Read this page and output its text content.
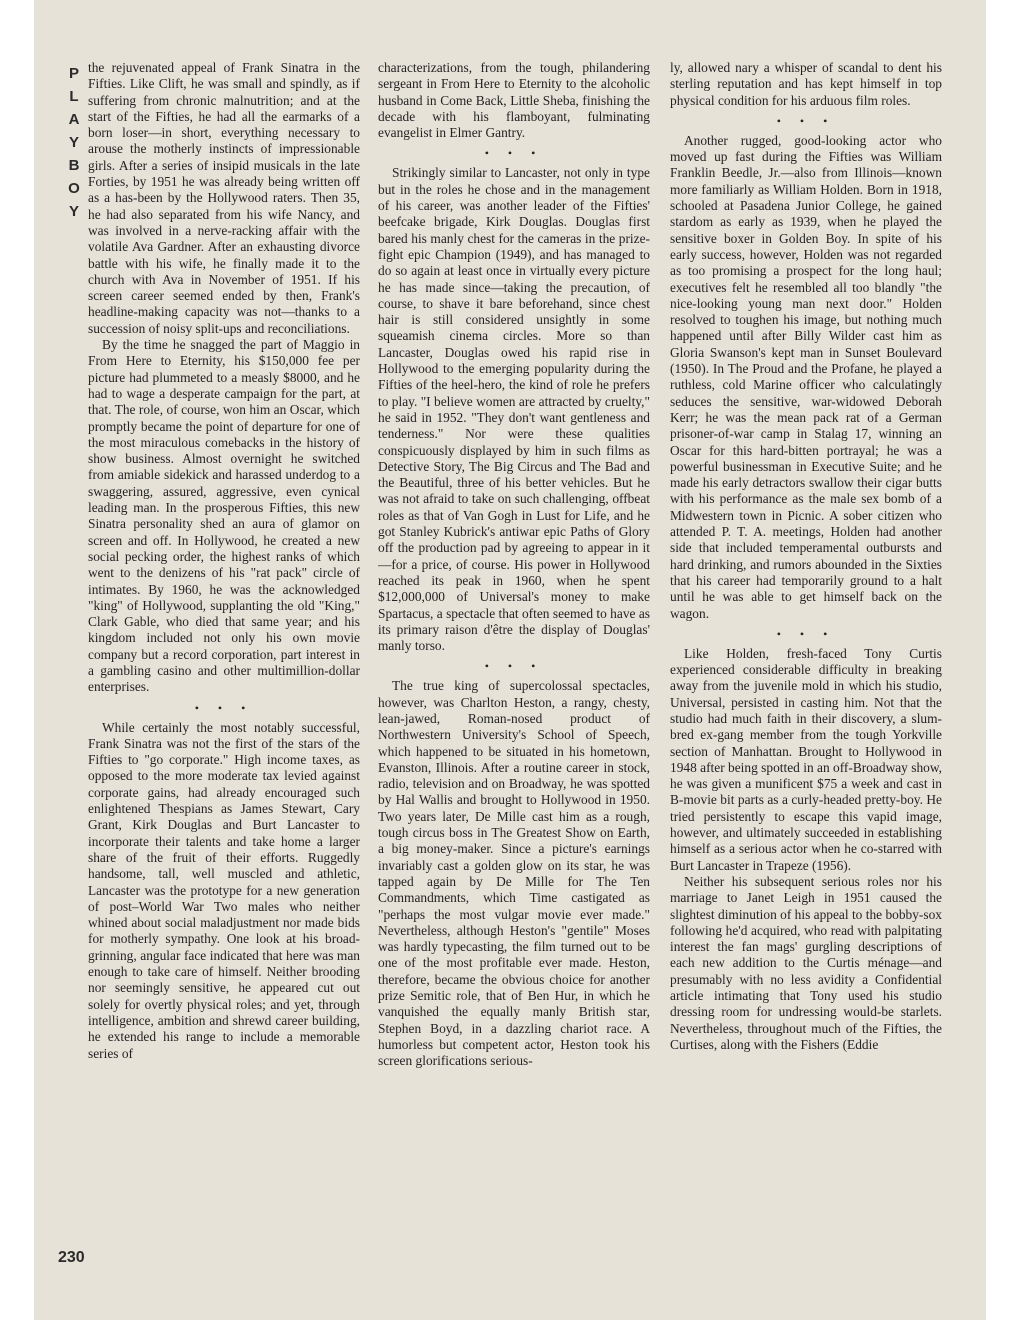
P
L
A
Y
B
O
Y
230

the rejuvenated appeal of Frank Sinatra in the Fifties. Like Clift, he was small and spindly, as if suffering from chronic malnutrition; and at the start of the Fifties, he had all the earmarks of a born loser—in short, everything necessary to arouse the motherly instincts of impressionable girls. After a series of insipid musicals in the late Forties, by 1951 he was already being written off as a has-been by the Hollywood raters. Then 35, he had also separated from his wife Nancy, and was involved in a nerve-racking affair with the volatile Ava Gardner. After an exhausting divorce battle with his wife, he finally made it to the church with Ava in November of 1951. If his screen career seemed ended by then, Frank's headline-making capacity was not—thanks to a succession of noisy split-ups and reconciliations.

By the time he snagged the part of Maggio in From Here to Eternity, his $150,000 fee per picture had plummeted to a measly $8000, and he had to wage a desperate campaign for the part, at that. The role, of course, won him an Oscar, which promptly became the point of departure for one of the most miraculous comebacks in the history of show business. Almost overnight he switched from amiable sidekick and harassed underdog to a swaggering, assured, aggressive, even cynical leading man. In the prosperous Fifties, this new Sinatra personality shed an aura of glamor on screen and off. In Hollywood, he created a new social pecking order, the highest ranks of which went to the denizens of his "rat pack" circle of intimates. By 1960, he was the acknowledged "king" of Hollywood, supplanting the old "King," Clark Gable, who died that same year; and his kingdom included not only his own movie company but a record corporation, part interest in a gambling casino and other multimillion-dollar enterprises.

• • •

While certainly the most notably successful, Frank Sinatra was not the first of the stars of the Fifties to "go corporate." High income taxes, as opposed to the more moderate tax levied against corporate gains, had already encouraged such enlightened Thespians as James Stewart, Cary Grant, Kirk Douglas and Burt Lancaster to incorporate their talents and take home a larger share of the fruit of their efforts. Ruggedly handsome, tall, well muscled and athletic, Lancaster was the prototype for a new generation of post–World War Two males who neither whined about social maladjustment nor made bids for motherly sympathy. One look at his broad-grinning, angular face indicated that here was man enough to take care of himself. Neither brooding nor seemingly sensitive, he appeared cut out solely for overtly physical roles; and yet, through intelligence, ambition and shrewd career building, he extended his range to include a memorable series of

characterizations, from the tough, philandering sergeant in From Here to Eternity to the alcoholic husband in Come Back, Little Sheba, finishing the decade with his flamboyant, fulminating evangelist in Elmer Gantry.

• • •

Strikingly similar to Lancaster, not only in type but in the roles he chose and in the management of his career, was another leader of the Fifties' beefcake brigade, Kirk Douglas. Douglas first bared his manly chest for the cameras in the prize-fight epic Champion (1949), and has managed to do so again at least once in virtually every picture he has made since—taking the precaution, of course, to shave it bare beforehand, since chest hair is still considered unsightly in some squeamish cinema circles. More so than Lancaster, Douglas owed his rapid rise in Hollywood to the emerging popularity during the Fifties of the heel-hero, the kind of role he prefers to play. "I believe women are attracted by cruelty," he said in 1952. "They don't want gentleness and tenderness." Nor were these qualities conspicuously displayed by him in such films as Detective Story, The Big Circus and The Bad and the Beautiful, three of his better vehicles. But he was not afraid to take on such challenging, offbeat roles as that of Van Gogh in Lust for Life, and he got Stanley Kubrick's antiwar epic Paths of Glory off the production pad by agreeing to appear in it—for a price, of course. His power in Hollywood reached its peak in 1960, when he spent $12,000,000 of Universal's money to make Spartacus, a spectacle that often seemed to have as its primary raison d'être the display of Douglas' manly torso.

• • •

The true king of supercolossal spectacles, however, was Charlton Heston, a rangy, chesty, lean-jawed, Roman-nosed product of Northwestern University's School of Speech, which happened to be situated in his hometown, Evanston, Illinois. After a routine career in stock, radio, television and on Broadway, he was spotted by Hal Wallis and brought to Hollywood in 1950. Two years later, De Mille cast him as a rough, tough circus boss in The Greatest Show on Earth, a big money-maker. Since a picture's earnings invariably cast a golden glow on its star, he was tapped again by De Mille for The Ten Commandments, which Time castigated as "perhaps the most vulgar movie ever made." Nevertheless, although Heston's "gentile" Moses was hardly typecasting, the film turned out to be one of the most profitable ever made. Heston, therefore, became the obvious choice for another prize Semitic role, that of Ben Hur, in which he vanquished the equally manly British star, Stephen Boyd, in a dazzling chariot race. A humorless but competent actor, Heston took his screen glorifications serious-

ly, allowed nary a whisper of scandal to dent his sterling reputation and has kept himself in top physical condition for his arduous film roles.

• • •

Another rugged, good-looking actor who moved up fast during the Fifties was William Franklin Beedle, Jr.—also from Illinois—known more familiarly as William Holden. Born in 1918, schooled at Pasadena Junior College, he gained stardom as early as 1939, when he played the sensitive boxer in Golden Boy. In spite of his early success, however, Holden was not regarded as too promising a prospect for the long haul; executives felt he resembled all too blandly "the nice-looking young man next door." Holden resolved to toughen his image, but nothing much happened until after Billy Wilder cast him as Gloria Swanson's kept man in Sunset Boulevard (1950). In The Proud and the Profane, he played a ruthless, cold Marine officer who calculatingly seduces the sensitive, war-widowed Deborah Kerr; he was the mean pack rat of a German prisoner-of-war camp in Stalag 17, winning an Oscar for this hard-bitten portrayal; he was a powerful businessman in Executive Suite; and he made his early detractors swallow their cigar butts with his performance as the male sex bomb of a Midwestern town in Picnic. A sober citizen who attended P. T. A. meetings, Holden had another side that included temperamental outbursts and hard drinking, and rumors abounded in the Sixties that his career had temporarily ground to a halt until he was able to get himself back on the wagon.

• • •

Like Holden, fresh-faced Tony Curtis experienced considerable difficulty in breaking away from the juvenile mold in which his studio, Universal, persisted in casting him. Not that the studio had much faith in their discovery, a slum-bred ex-gang member from the tough Yorkville section of Manhattan. Brought to Hollywood in 1948 after being spotted in an off-Broadway show, he was given a munificent $75 a week and cast in B-movie bit parts as a curly-headed pretty-boy. He tried persistently to escape this vapid image, however, and ultimately succeeded in establishing himself as a serious actor when he co-starred with Burt Lancaster in Trapeze (1956).

Neither his subsequent serious roles nor his marriage to Janet Leigh in 1951 caused the slightest diminution of his appeal to the bobby-sox following he'd acquired, who read with palpitating interest the fan mags' gurgling descriptions of each new addition to the Curtis ménage—and presumably with no less avidity a Confidential article intimating that Tony used his studio dressing room for undressing would-be starlets. Nevertheless, throughout much of the Fifties, the Curtises, along with the Fishers (Eddie
